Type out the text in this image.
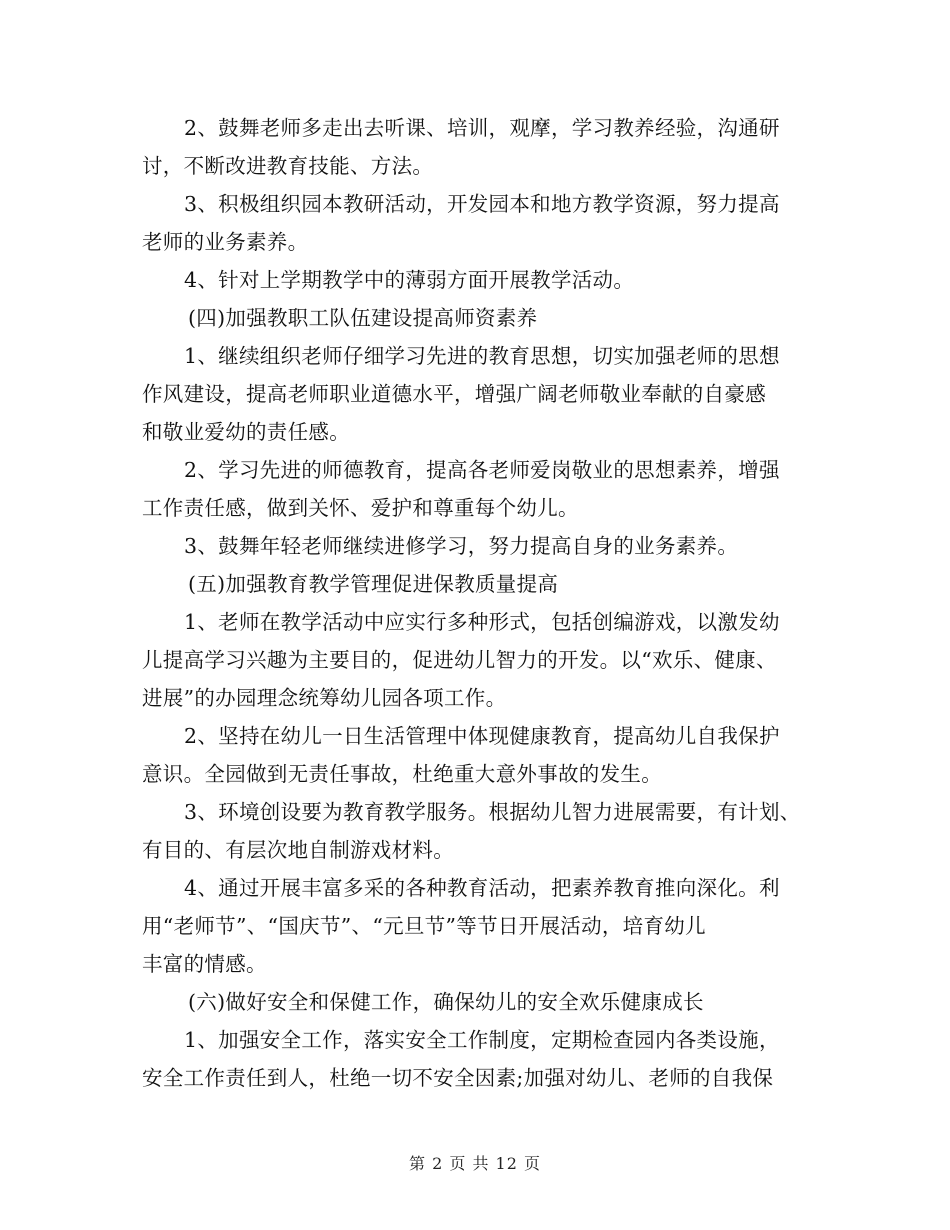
2、鼓舞老师多走出去听课、培训，观摩，学习教养经验，沟通研
讨，不断改进教育技能、方法。
3、积极组织园本教研活动，开发园本和地方教学资源，努力提高
老师的业务素养。
4、针对上学期教学中的薄弱方面开展教学活动。
(四)加强教职工队伍建设提高师资素养
1、继续组织老师仔细学习先进的教育思想，切实加强老师的思想
作风建设，提高老师职业道德水平，增强广阔老师敬业奉献的自豪感
和敬业爱幼的责任感。
2、学习先进的师德教育，提高各老师爱岗敬业的思想素养，增强
工作责任感，做到关怀、爱护和尊重每个幼儿。
3、鼓舞年轻老师继续进修学习，努力提高自身的业务素养。
(五)加强教育教学管理促进保教质量提高
1、老师在教学活动中应实行多种形式，包括创编游戏，以激发幼
儿提高学习兴趣为主要目的，促进幼儿智力的开发。以“欢乐、健康、
进展”的办园理念统筹幼儿园各项工作。
2、坚持在幼儿一日生活管理中体现健康教育，提高幼儿自我保护
意识。全园做到无责任事故，杜绝重大意外事故的发生。
3、环境创设要为教育教学服务。根据幼儿智力进展需要，有计划、
有目的、有层次地自制游戏材料。
4、通过开展丰富多采的各种教育活动，把素养教育推向深化。利
用“老师节”、“国庆节”、“元旦节”等节日开展活动，培育幼儿
丰富的情感。
(六)做好安全和保健工作，确保幼儿的安全欢乐健康成长
1、加强安全工作，落实安全工作制度，定期检查园内各类设施，
安全工作责任到人，杜绝一切不安全因素;加强对幼儿、老师的自我保
第 2 页 共 12 页
